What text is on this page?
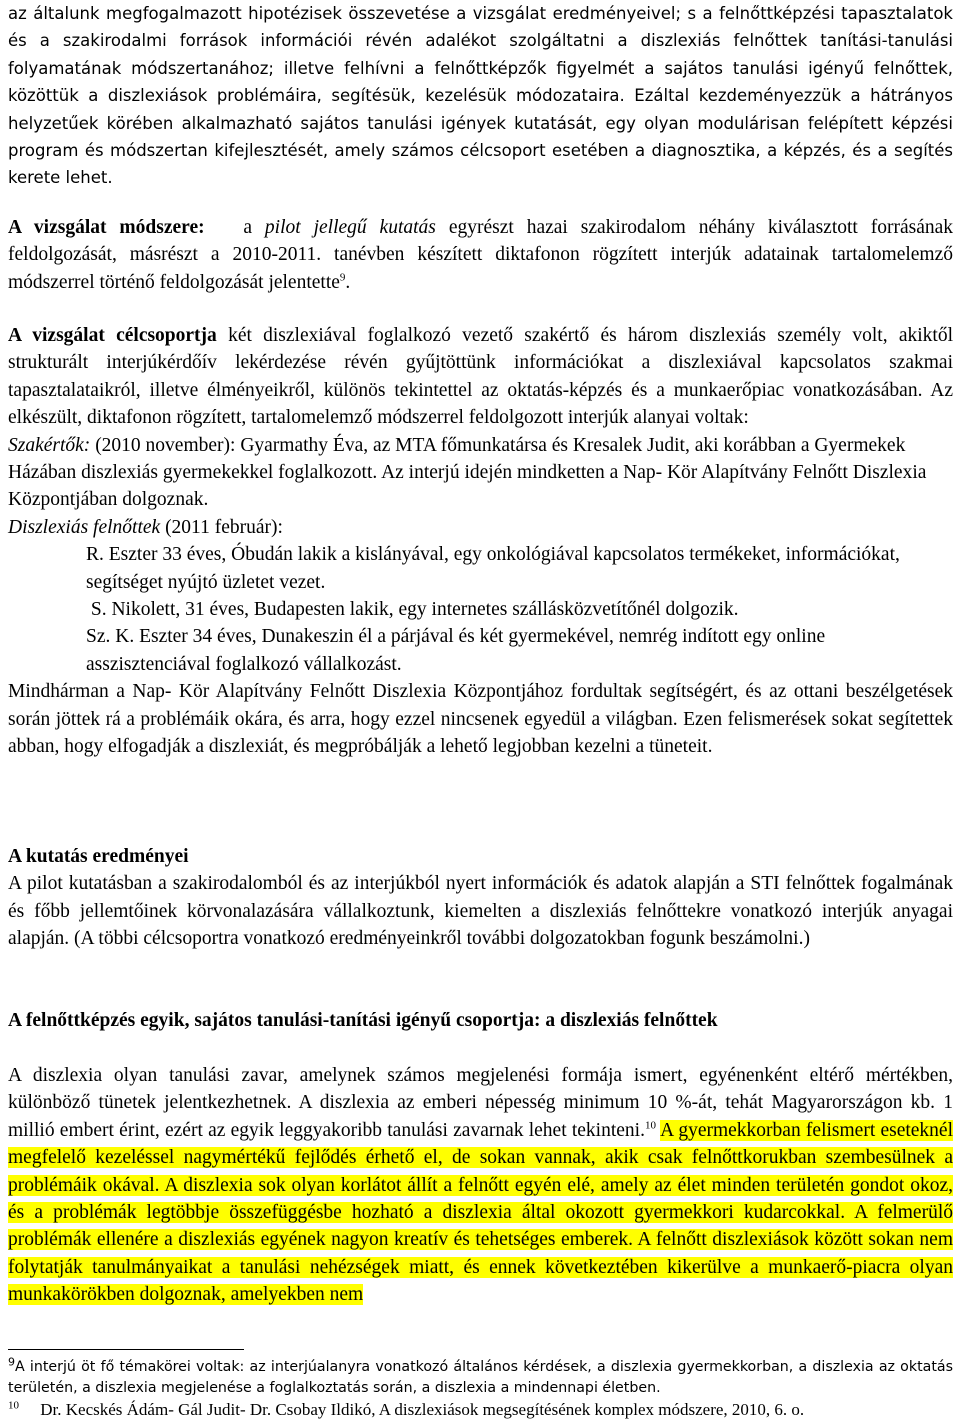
az általunk megfogalmazott hipotézisek összevetése a vizsgálat eredményeivel; s a felnőttképzési tapasztalatok és a szakirodalmi források információi révén adalékot szolgáltatni a diszlexiás felnőttek tanítási-tanulási folyamatának módszertanához; illetve felhívni a felnőttképzők figyelmét a sajátos tanulási igényű felnőttek, közöttük a diszlexiások problémáira, segítésük, kezelésük módozataira. Ezáltal kezdeményezzük a hátrányos helyzetűek körében alkalmazható sajátos tanulási igények kutatását, egy olyan modulárisan felépített képzési program és módszertan kifejlesztését, amely számos célcsoport esetében a diagnosztika, a képzés, és a segítés kerete lehet.

A vizsgálat módszere: a pilot jellegű kutatás egyrészt hazai szakirodalom néhány kiválasztott forrásának feldolgozását, másrészt a 2010-2011. tanévben készített diktafonon rögzített interjúk adatainak tartalomelemző módszerrel történő feldolgozását jelentette$^9$.

A vizsgálat célcsoportja két diszlexiával foglalkozó vezető szakértő és három diszlexiás személy volt, akiktől strukturált interjúkérdőív lekérdezése révén gyűjtöttünk információkat a diszlexiával kapcsolatos szakmai tapasztalataikról, illetve élményeikről, különös tekintettel az oktatás-képzés és a munkaerőpiac vonatkozásában. Az elkészült, diktafonon rögzített, tartalomelemző módszerrel feldolgozott interjúk alanyai voltak:

Szakértők: (2010 november): Gyarmathy Éva, az MTA főmunkatársa és Kresalek Judit, aki korábban a Gyermekek Házában diszlexiás gyermekekkel foglalkozott. Az interjú idején mindketten a Nap- Kör Alapítvány Felnőtt Diszlexia Központjában dolgoznak.

Diszlexiás felnőttek (2011 február):

R. Eszter 33 éves, Óbudán lakik a kislányával, egy onkológiával kapcsolatos termékeket, információkat, segítséget nyújtó üzletet vezet.
S. Nikolett, 31 éves, Budapesten lakik, egy internetes szállásközvetítőnél dolgozik.
Sz. K. Eszter 34 éves, Dunakeszin él a párjával és két gyermekével, nemrég indított egy online asszisztenciával foglalkozó vállalkozást.

Mindhárman a Nap- Kör Alapítvány Felnőtt Diszlexia Központjához fordultak segítségért, és az ottani beszélgetések során jöttek rá a problémáik okára, és arra, hogy ezzel nincsenek egyedül a világban. Ezen felismerések sokat segítettek abban, hogy elfogadják a diszlexiát, és megpróbálják a lehető legjobban kezelni a tüneteit.

A kutatás eredményei

A pilot kutatásban a szakirodalomból és az interjúkból nyert információk és adatok alapján a STI felnőttek fogalmának és főbb jellemtőinek körvonalazására vállalkoztunk, kiemelten a diszlexiás felnőttekre vonatkozó interjúk anyagai alapján. (A többi célcsoportra vonatkozó eredményeinkről további dolgozatokban fogunk beszámolni.)

A felnőttképzés egyik, sajátos tanulási-tanítási igényű csoportja: a diszlexiás felnőttek

A diszlexia olyan tanulási zavar, amelynek számos megjelenési formája ismert, egyénenként eltérő mértékben, különböző tünetek jelentkezhetnek. A diszlexia az emberi népesség minimum 10 %-át, tehát Magyarországon kb. 1 millió embert érint, ezért az egyik leggyakoribb tanulási zavarnak lehet tekinteni.$^{10}$ A gyermekkorban felismert eseteknél megfelelő kezeléssel nagymértékű fejlődés érhető el, de sokan vannak, akik csak felnőttkorukban szembesülnek a problémáik okával. A diszlexia sok olyan korlátot állít a felnőtt egyén elé, amely az élet minden területén gondot okoz, és a problémák legtöbbje összefüggésbe hozható a diszlexia által okozott gyermekkori kudarcokkal. A felmerülő problémák ellenére a diszlexiás egyének nagyon kreatív és tehetséges emberek. A felnőtt diszlexiások között sokan nem folytatják tanulmányaikat a tanulási nehézségek miatt, és ennek következtében kikerülve a munkaerő-piacra olyan munkakörökben dolgoznak, amelyekben nem

$^9$A interjú öt fő témakörei voltak: az interjúalanyra vonatkozó általános kérdések, a diszlexia gyermekkorban, a diszlexia az oktatás területén, a diszlexia megjelenése a foglalkoztatás során, a diszlexia a mindennapi életben.

$^{10}$ Dr. Kecskés Ádám- Gál Judit- Dr. Csobay Ildikó, A diszlexiások megsegítésének komplex módszere, 2010, 6. o.
